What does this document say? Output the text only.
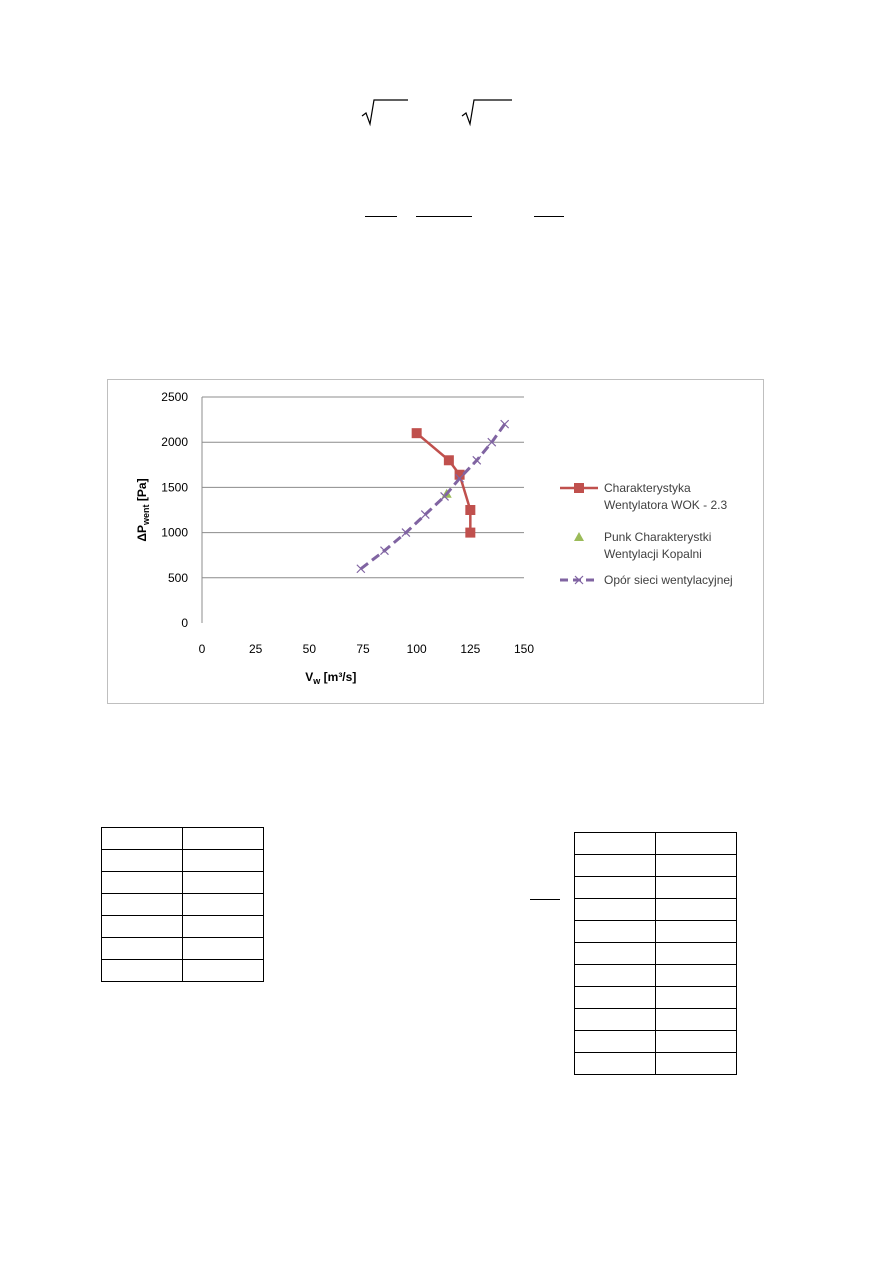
0
500
1000
1500
2000
2500
0	25	50	75	100	125	150
$V_w$ [m³/s]
$\Delta P_{went}$ [Pa]	Charakterystyka
Wentylatora WOK - 2.3
Punk Charakterystki
Wentylacji Kopalni
Opór sieci wentylacyjnej
